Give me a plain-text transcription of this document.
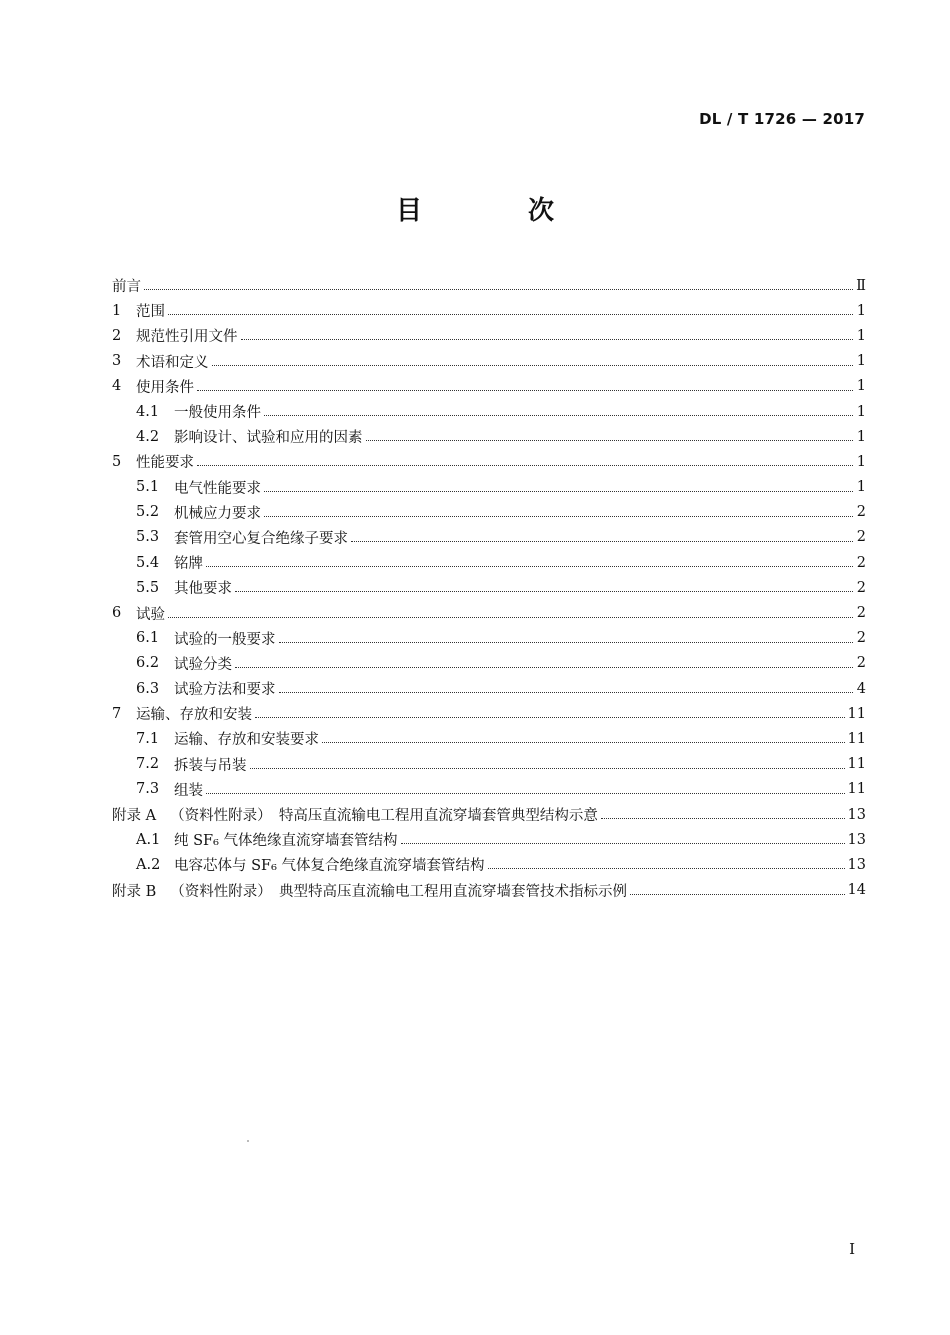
DL / T 1726 — 2017
目　次
前言	Ⅱ
1	范围	1
2	规范性引用文件	1
3	术语和定义	1
4	使用条件	1
4.1	一般使用条件	1
4.2	影响设计、试验和应用的因素	1
5	性能要求	1
5.1	电气性能要求	1
5.2	机械应力要求	2
5.3	套管用空心复合绝缘子要求	2
5.4	铭牌	2
5.5	其他要求	2
6	试验	2
6.1	试验的一般要求	2
6.2	试验分类	2
6.3	试验方法和要求	4
7	运输、存放和安装	11
7.1	运输、存放和安装要求	11
7.2	拆装与吊装	11
7.3	组装	11
附录 A （资料性附录）　特高压直流输电工程用直流穿墙套管典型结构示意	13
A.1 纯 SF₆ 气体绝缘直流穿墙套管结构	13
A.2 电容芯体与 SF₆ 气体复合绝缘直流穿墙套管结构	13
附录 B （资料性附录）　典型特高压直流输电工程用直流穿墙套管技术指标示例	14
I
